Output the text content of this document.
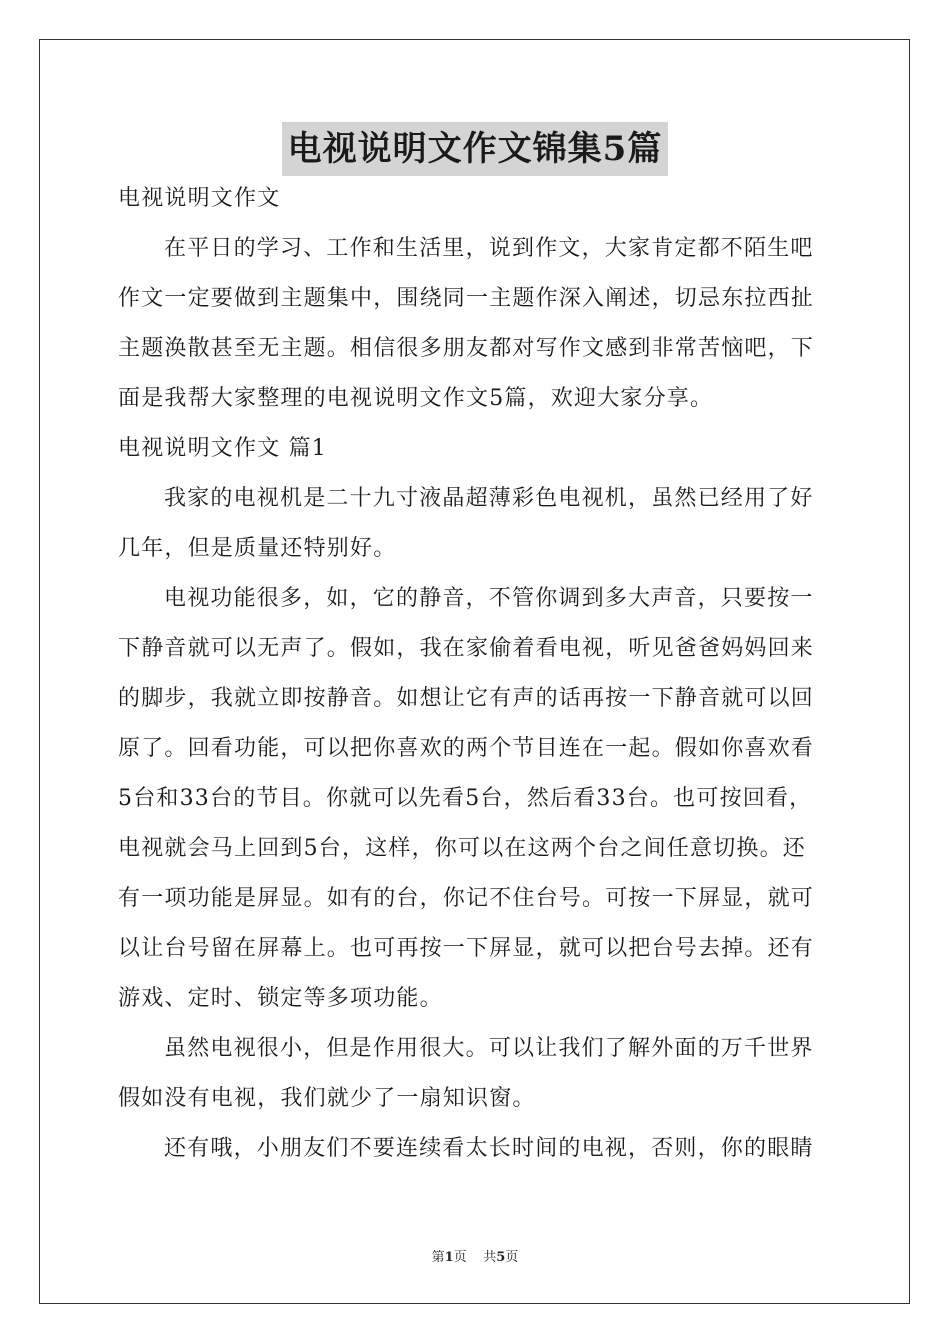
电视说明文作文锦集5篇
电视说明文作文
在平日的学习、工作和生活里，说到作文，大家肯定都不陌生吧
作文一定要做到主题集中，围绕同一主题作深入阐述，切忌东拉西扯
主题涣散甚至无主题。相信很多朋友都对写作文感到非常苦恼吧，下
面是我帮大家整理的电视说明文作文5篇，欢迎大家分享。
电视说明文作文 篇1
我家的电视机是二十九寸液晶超薄彩色电视机，虽然已经用了好
几年，但是质量还特别好。
电视功能很多，如，它的静音，不管你调到多大声音，只要按一
下静音就可以无声了。假如，我在家偷着看电视，听见爸爸妈妈回来
的脚步，我就立即按静音。如想让它有声的话再按一下静音就可以回
原了。回看功能，可以把你喜欢的两个节目连在一起。假如你喜欢看
5台和33台的节目。你就可以先看5台，然后看33台。也可按回看，
电视就会马上回到5台，这样，你可以在这两个台之间任意切换。还
有一项功能是屏显。如有的台，你记不住台号。可按一下屏显，就可
以让台号留在屏幕上。也可再按一下屏显，就可以把台号去掉。还有
游戏、定时、锁定等多项功能。
虽然电视很小，但是作用很大。可以让我们了解外面的万千世界
假如没有电视，我们就少了一扇知识窗。
还有哦，小朋友们不要连续看太长时间的电视，否则，你的眼睛
第1页 共5页
